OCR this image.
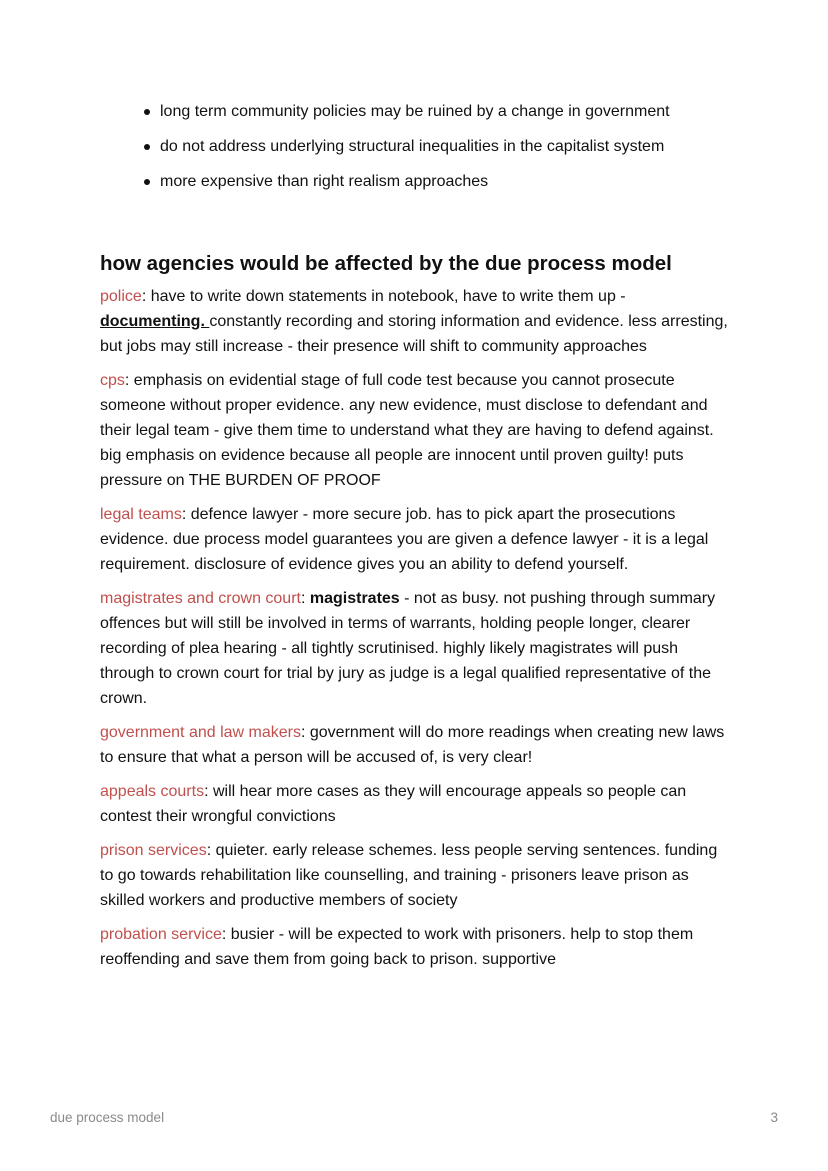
long term community policies may be ruined by a change in government
do not address underlying structural inequalities in the capitalist system
more expensive than right realism approaches
how agencies would be affected by the due process model

police: have to write down statements in notebook, have to write them up - documenting. constantly recording and storing information and evidence. less arresting, but jobs may still increase - their presence will shift to community approaches

cps: emphasis on evidential stage of full code test because you cannot prosecute someone without proper evidence. any new evidence, must disclose to defendant and their legal team - give them time to understand what they are having to defend against. big emphasis on evidence because all people are innocent until proven guilty! puts pressure on THE BURDEN OF PROOF

legal teams: defence lawyer - more secure job. has to pick apart the prosecutions evidence. due process model guarantees you are given a defence lawyer - it is a legal requirement. disclosure of evidence gives you an ability to defend yourself.

magistrates and crown court: magistrates - not as busy. not pushing through summary offences but will still be involved in terms of warrants, holding people longer, clearer recording of plea hearing - all tightly scrutinised. highly likely magistrates will push through to crown court for trial by jury as judge is a legal qualified representative of the crown.

government and law makers: government will do more readings when creating new laws to ensure that what a person will be accused of, is very clear!

appeals courts: will hear more cases as they will encourage appeals so people can contest their wrongful convictions

prison services: quieter. early release schemes. less people serving sentences. funding to go towards rehabilitation like counselling, and training - prisoners leave prison as skilled workers and productive members of society

probation service: busier - will be expected to work with prisoners. help to stop them reoffending and save them from going back to prison. supportive

due process model	3
